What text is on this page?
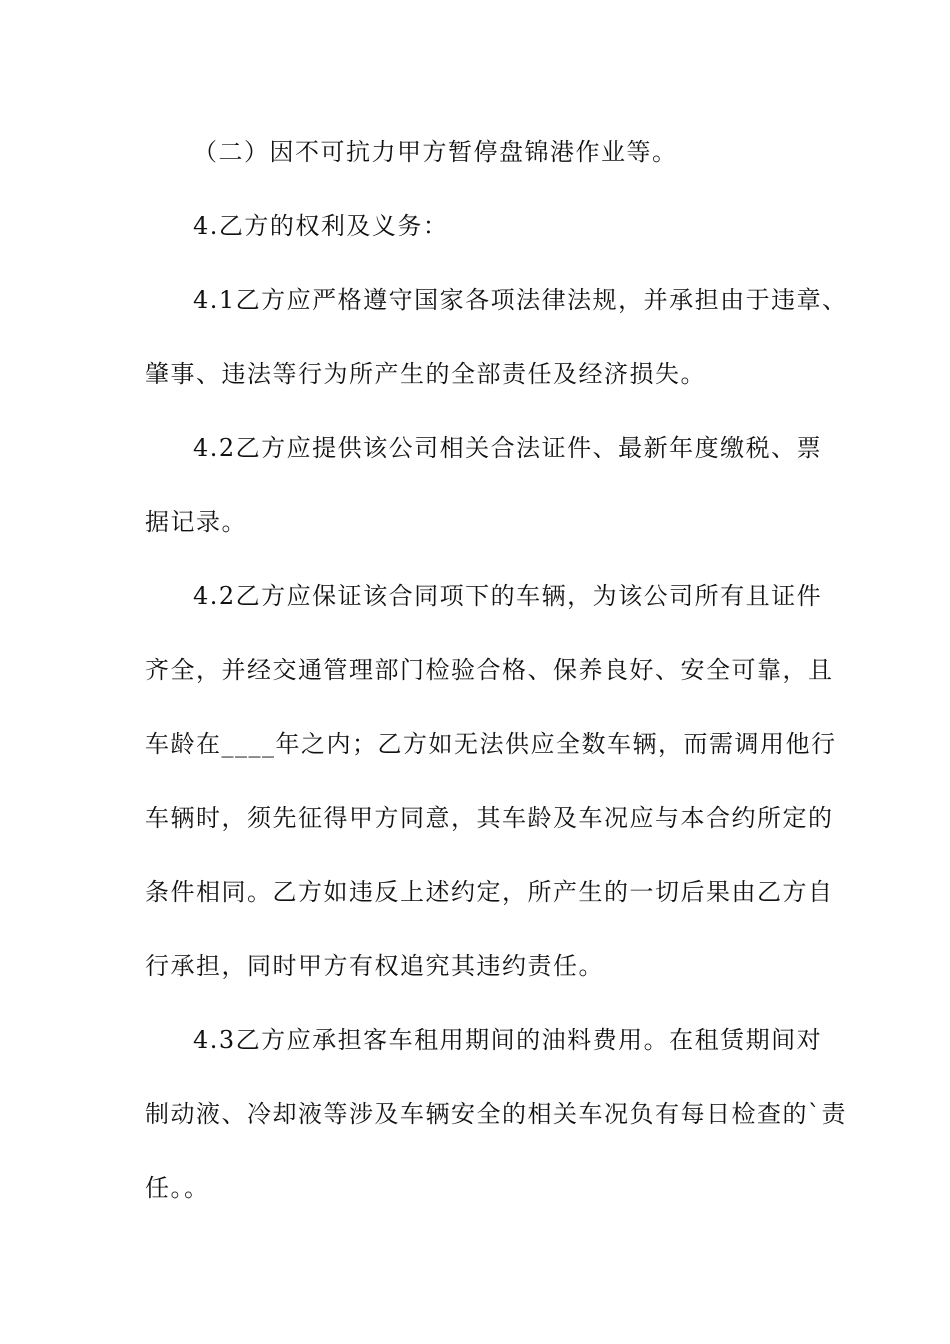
（二）因不可抗力甲方暂停盘锦港作业等。
4.乙方的权利及义务：
4.1乙方应严格遵守国家各项法律法规，并承担由于违章、
肇事、违法等行为所产生的全部责任及经济损失。
4.2乙方应提供该公司相关合法证件、最新年度缴税、票
据记录。
4.2乙方应保证该合同项下的车辆，为该公司所有且证件
齐全，并经交通管理部门检验合格、保养良好、安全可靠，且
车龄在____年之内；乙方如无法供应全数车辆，而需调用他行
车辆时，须先征得甲方同意，其车龄及车况应与本合约所定的
条件相同。乙方如违反上述约定，所产生的一切后果由乙方自
行承担，同时甲方有权追究其违约责任。
4.3乙方应承担客车租用期间的油料费用。在租赁期间对
制动液、冷却液等涉及车辆安全的相关车况负有每日检查的`责
任。。
